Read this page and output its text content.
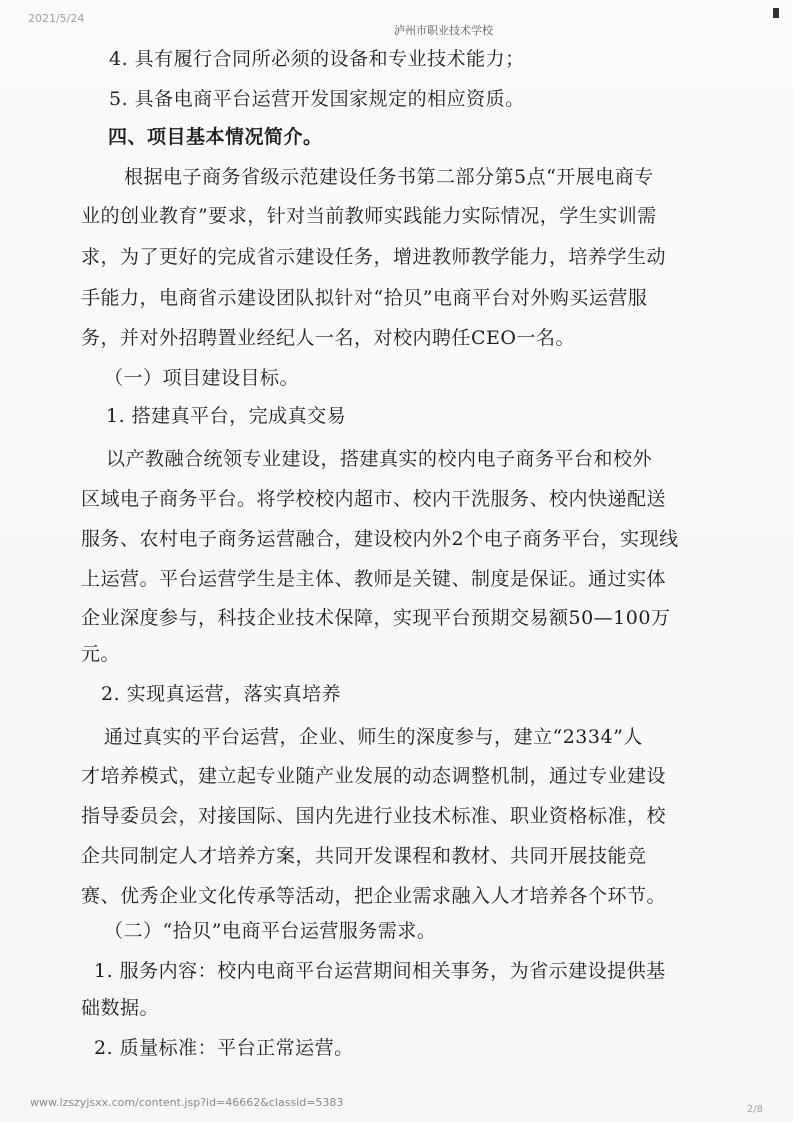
2021/5/24
泸州市职业技术学校
4. 具有履行合同所必须的设备和专业技术能力；
5. 具备电商平台运营开发国家规定的相应资质。
四、项目基本情况简介。
根据电子商务省级示范建设任务书第二部分第5点“开展电商专
业的创业教育”要求，针对当前教师实践能力实际情况，学生实训需
求，为了更好的完成省示建设任务，增进教师教学能力，培养学生动
手能力，电商省示建设团队拟针对“拾贝”电商平台对外购买运营服
务，并对外招聘置业经纪人一名，对校内聘任CEO一名。
（一）项目建设目标。
1. 搭建真平台，完成真交易
以产教融合统领专业建设，搭建真实的校内电子商务平台和校外
区域电子商务平台。将学校校内超市、校内干洗服务、校内快递配送
服务、农村电子商务运营融合，建设校内外2个电子商务平台，实现线
上运营。平台运营学生是主体、教师是关键、制度是保证。通过实体
企业深度参与，科技企业技术保障，实现平台预期交易额50—100万
元。
2. 实现真运营，落实真培养
通过真实的平台运营，企业、师生的深度参与，建立“2334”人
才培养模式，建立起专业随产业发展的动态调整机制，通过专业建设
指导委员会，对接国际、国内先进行业技术标准、职业资格标准，校
企共同制定人才培养方案，共同开发课程和教材、共同开展技能竞
赛、优秀企业文化传承等活动，把企业需求融入人才培养各个环节。
（二）“拾贝”电商平台运营服务需求。
1. 服务内容：校内电商平台运营期间相关事务，为省示建设提供基
础数据。
2. 质量标准：平台正常运营。
www.lzszyjsxx.com/content.jsp?id=46662&classid=5383
2/8
